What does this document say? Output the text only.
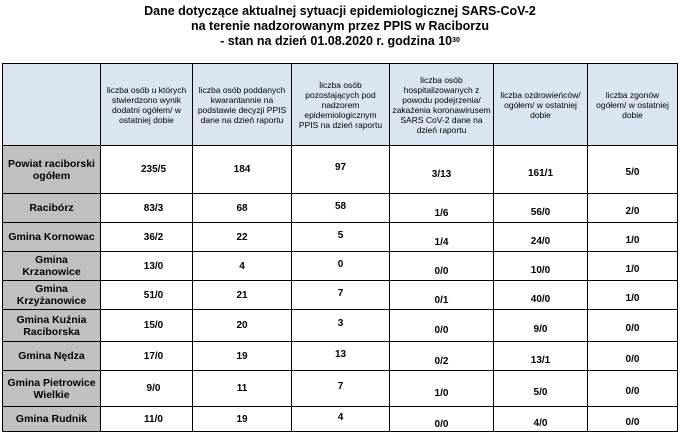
Dane dotyczące aktualnej sytuacji epidemiologicznej SARS-CoV-2
na terenie nadzorowanym przez PPIS w Raciborzu
- stan na dzień 01.08.2020 r. godzina $10^{30}$
	liczba osób u których stwierdzono wynik dodatni ogółem/ w ostatniej dobie	liczba osób poddanych kwarantannie na podstawie decyzji PPIS dane na dzień raportu	liczba osób pozostających pod nadzorem epidemiologicznym PPIS na dzień raportu	liczba osób hospitalizowanych z powodu podejrzenia/ zakażenia koronawirusem SARS CoV-2 dane na dzień raportu	liczba ozdrowieńców/ ogółem/ w ostatniej dobie	liczba zgonów ogółem/ w ostatniej dobie
Powiat raciborski ogółem	235/5	184	97	3/13	161/1	5/0
Racibórz	83/3	68	58	1/6	56/0	2/0
Gmina Kornowac	36/2	22	5	1/4	24/0	1/0
Gmina Krzanowice	13/0	4	0	0/0	10/0	1/0
Gmina Krzyżanowice	51/0	21	7	0/1	40/0	1/0
Gmina Kuźnia Raciborska	15/0	20	3	0/0	9/0	0/0
Gmina Nędza	17/0	19	13	0/2	13/1	0/0
Gmina Pietrowice Wielkie	9/0	11	7	1/0	5/0	0/0
Gmina Rudnik	11/0	19	4	0/0	4/0	0/0
